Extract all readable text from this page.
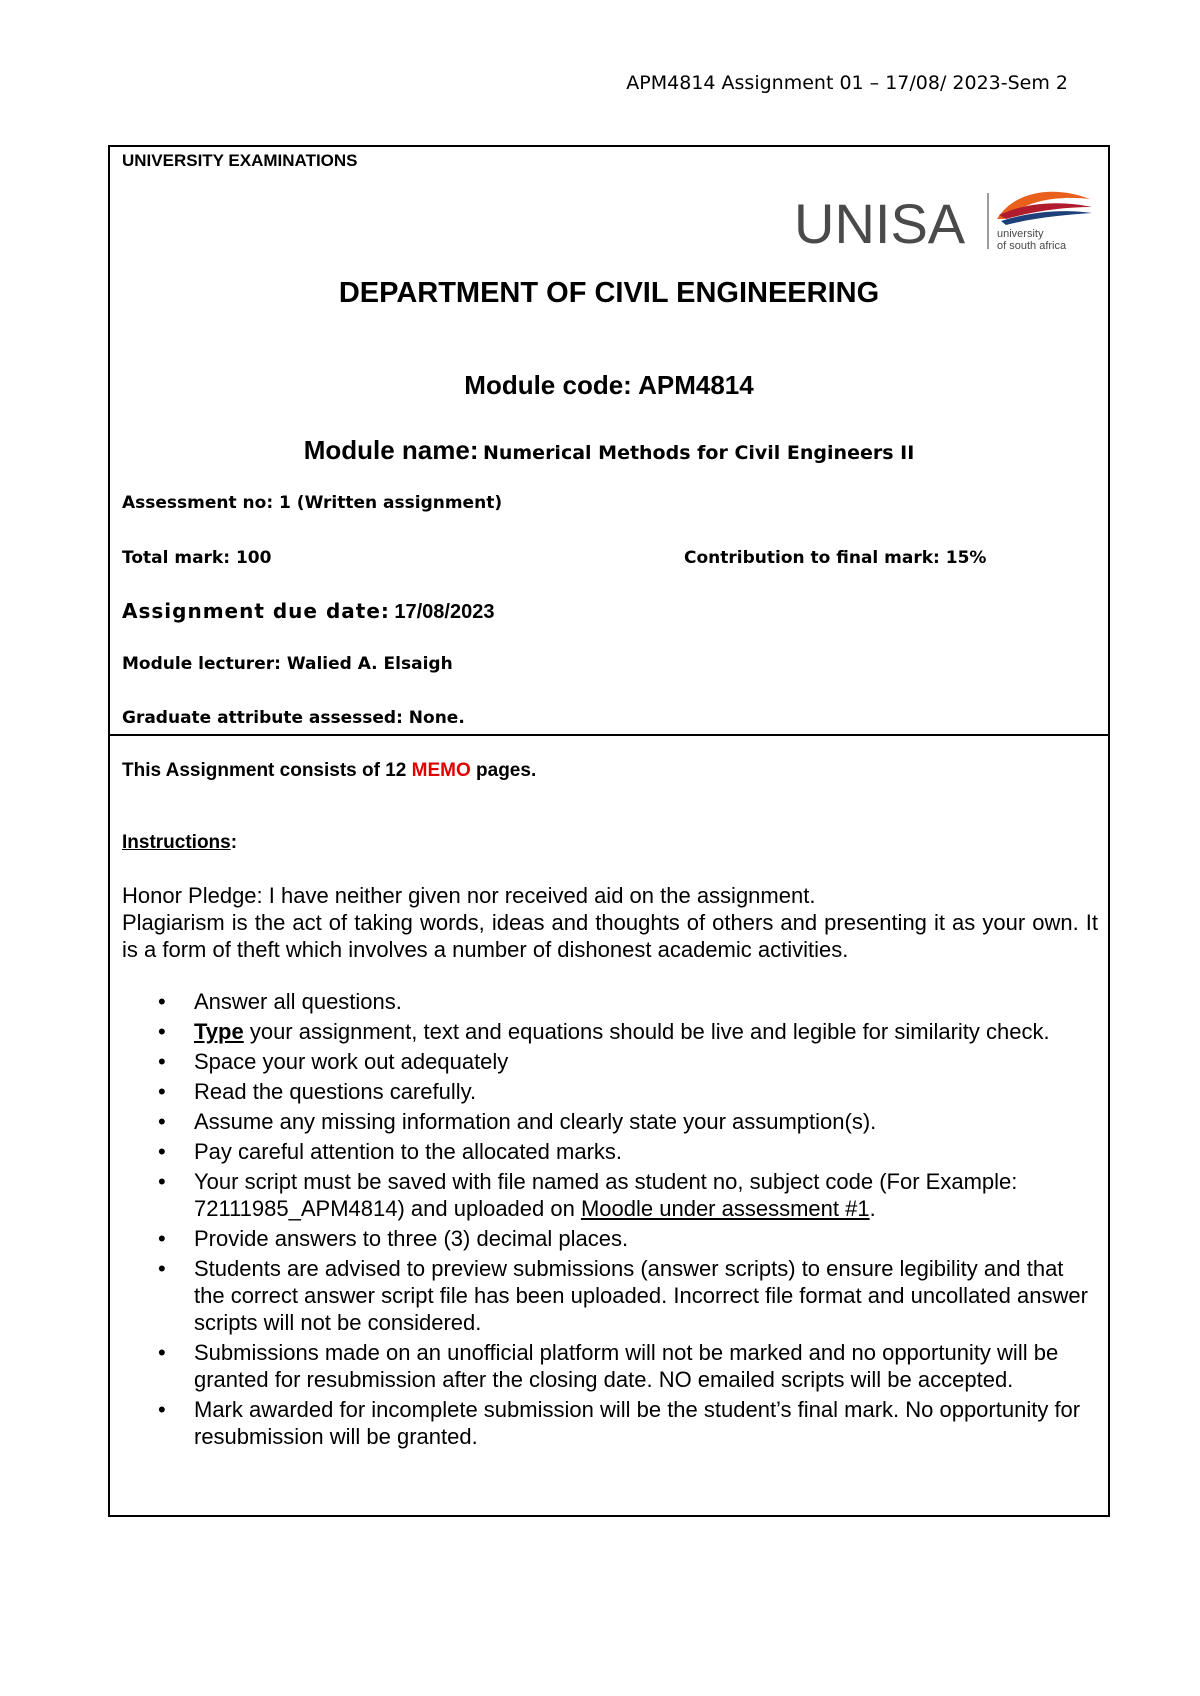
APM4814 Assignment 01 – 17/08/ 2023-Sem 2
UNIVERSITY EXAMINATIONS
UNISA	university
of south africa
DEPARTMENT OF CIVIL ENGINEERING
Module code: APM4814
Module name: Numerical Methods for Civil Engineers II
Assessment no: 1 (Written assignment)
Total mark: 100	Contribution to final mark: 15%
Assignment due date: 17/08/2023
Module lecturer: Walied A. Elsaigh
Graduate attribute assessed: None.
This Assignment consists of 12 MEMO pages.
Instructions:
Honor Pledge: I have neither given nor received aid on the assignment.
Plagiarism is the act of taking words, ideas and thoughts of others and presenting it as your own. It is a form of theft which involves a number of dishonest academic activities.
• Answer all questions.
• Type your assignment, text and equations should be live and legible for similarity check.
• Space your work out adequately
• Read the questions carefully.
• Assume any missing information and clearly state your assumption(s).
• Pay careful attention to the allocated marks.
• Your script must be saved with file named as student no, subject code (For Example: 72111985_APM4814) and uploaded on Moodle under assessment #1.
• Provide answers to three (3) decimal places.
• Students are advised to preview submissions (answer scripts) to ensure legibility and that the correct answer script file has been uploaded. Incorrect file format and uncollated answer scripts will not be considered.
• Submissions made on an unofficial platform will not be marked and no opportunity will be granted for resubmission after the closing date. NO emailed scripts will be accepted.
• Mark awarded for incomplete submission will be the student’s final mark. No opportunity for resubmission will be granted.
